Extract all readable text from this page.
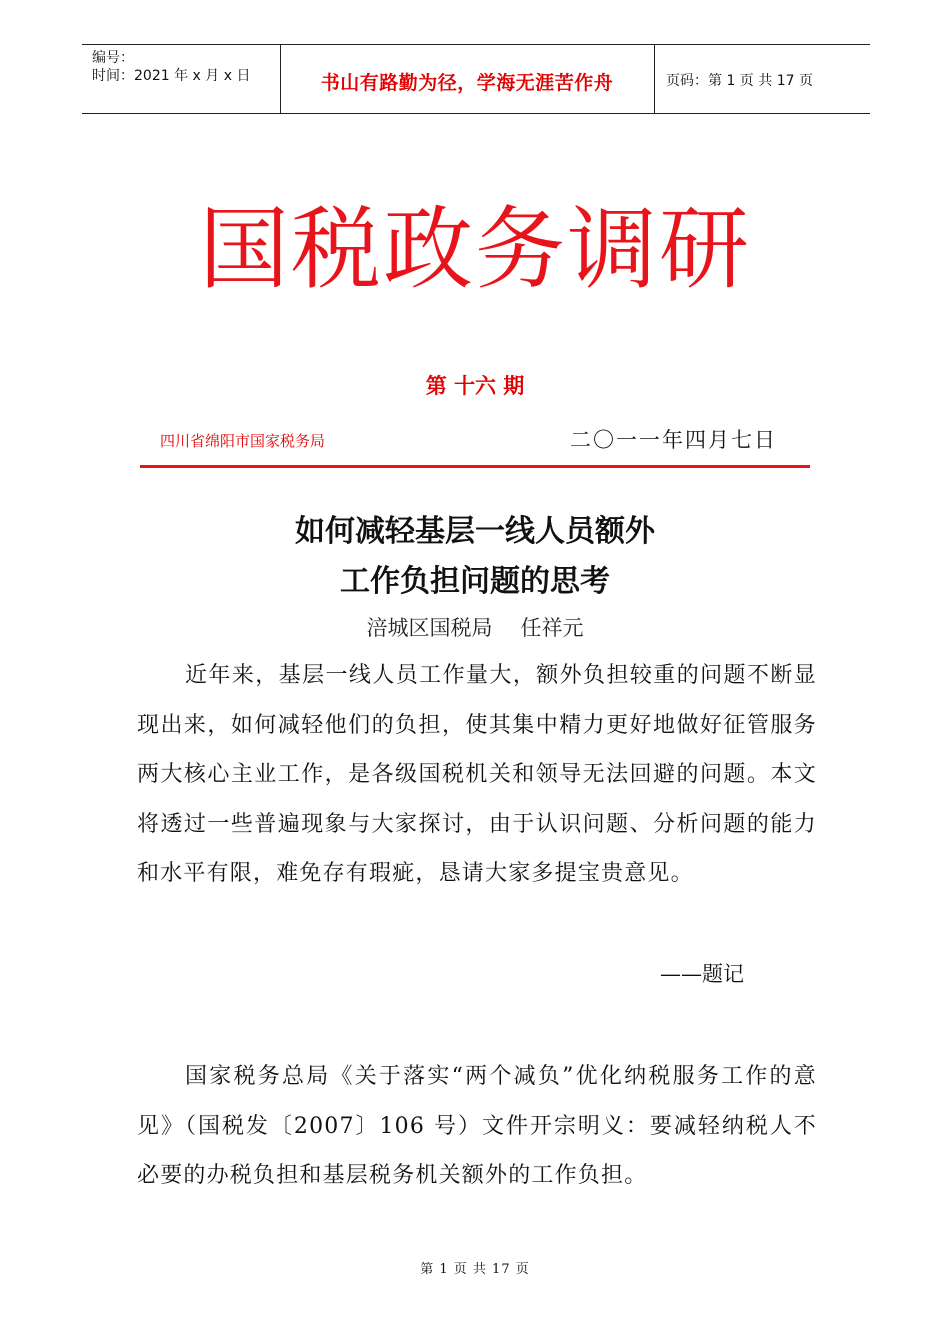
编号：
时间：2021 年 x 月 x 日	书山有路勤为径，学海无涯苦作舟	页码：第 1 页 共 17 页
国税政务调研
第 十六 期
四川省绵阳市国家税务局	二〇一一年四月七日
如何减轻基层一线人员额外
工作负担问题的思考
涪城区国税局 任祥元

近年来，基层一线人员工作量大，额外负担较重的问题不断显现出来，如何减轻他们的负担，使其集中精力更好地做好征管服务两大核心主业工作，是各级国税机关和领导无法回避的问题。本文将透过一些普遍现象与大家探讨，由于认识问题、分析问题的能力和水平有限，难免存有瑕疵，恳请大家多提宝贵意见。

——题记

国家税务总局《关于落实“两个减负”优化纳税服务工作的意见》（国税发〔2007〕106 号）文件开宗明义：要减轻纳税人不必要的办税负担和基层税务机关额外的工作负担。

第 1 页 共 17 页
